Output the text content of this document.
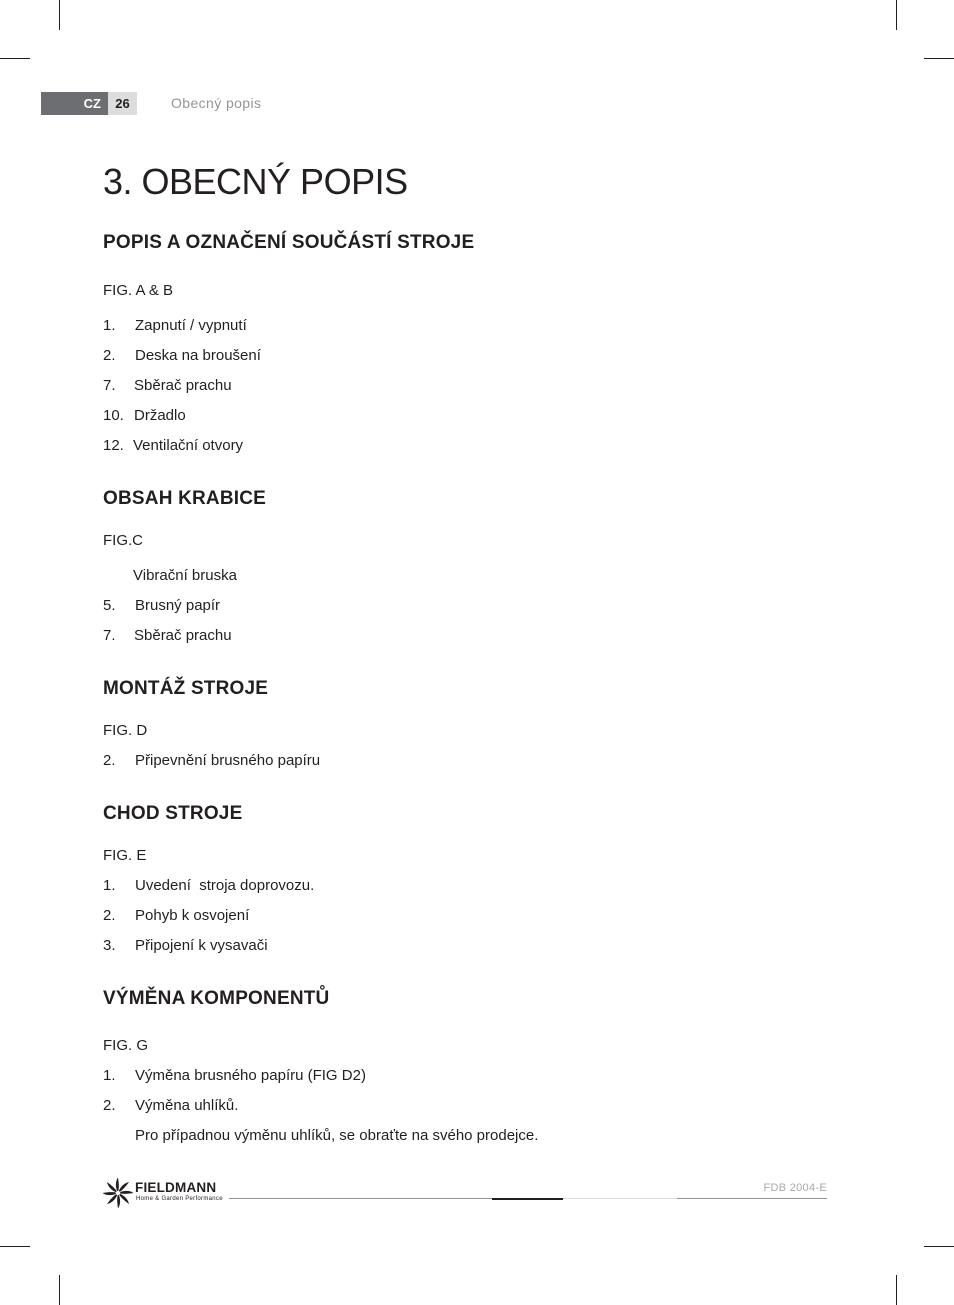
CZ	26	Obecný popis
3. OBECNÝ POPIS
POPIS A OZNAČENÍ SOUČÁSTÍ STROJE
FIG. A & B
1. Zapnutí / vypnutí
2. Deska na broušení
7. Sběrač prachu
10. Držadlo
12. Ventilační otvory
OBSAH KRABICE
FIG.C
Vibrační bruska
5. Brusný papír
7. Sběrač prachu
MONTÁŽ STROJE
FIG. D
2. Připevnění brusného papíru
CHOD STROJE
FIG. E
1. Uvedení  stroja doprovozu.
2. Pohyb k osvojení
3. Připojení k vysavači
VÝMĚNA KOMPONENTŮ
FIG. G
1. Výměna brusného papíru (FIG D2)
2. Výměna uhlíků.
Pro případnou výměnu uhlíků, se obraťte na svého prodejce.
FIELDMANN
Home & Garden Performance
FDB 2004-E
